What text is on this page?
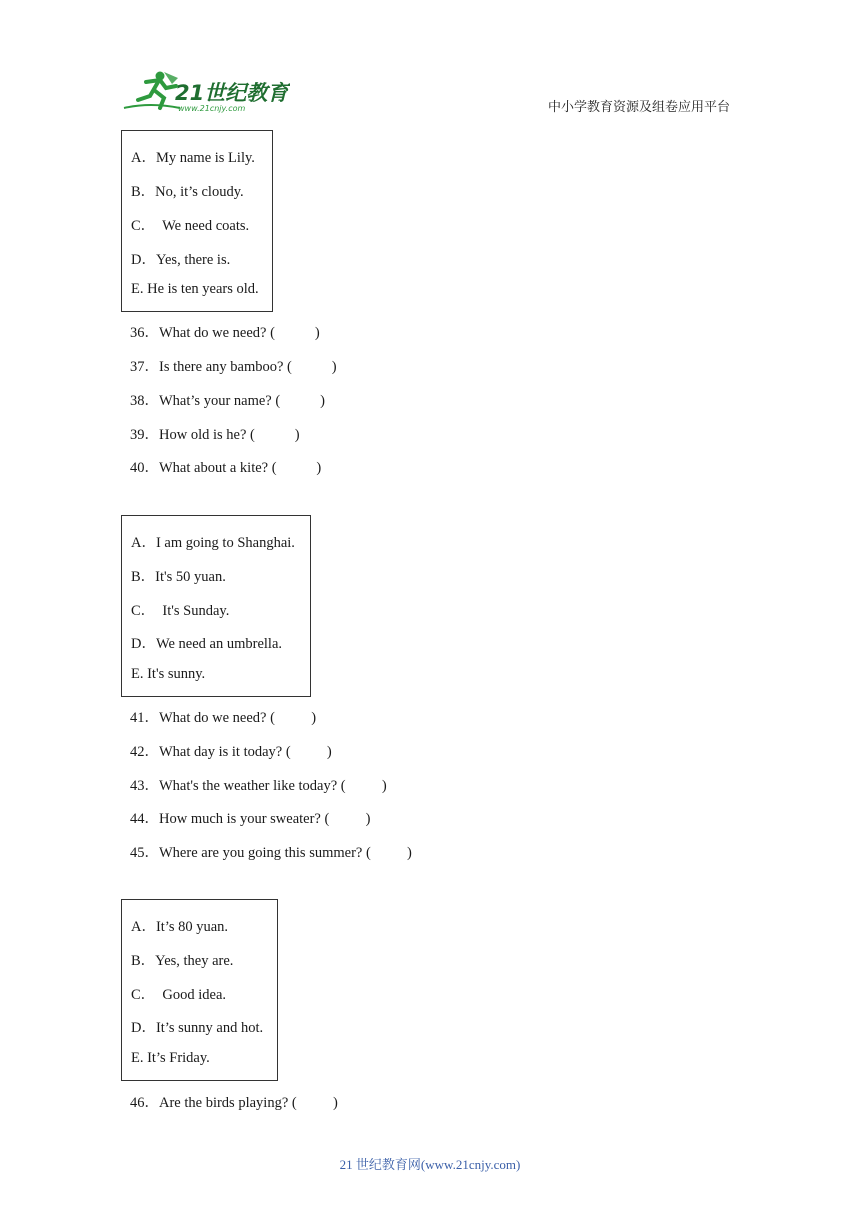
21世纪教育
www.21cnjy.com	中小学教育资源及组卷应用平台
A．My name is Lily.
B．No, it’s cloudy.
C．  We need coats.
D．Yes, there is.
E. He is ten years old.
36．What do we need? (           )
37．Is there any bamboo? (           )
38．What’s your name? (           )
39．How old is he? (           )
40．What about a kite? (           )
A．I am going to Shanghai.
B．It's 50 yuan.
C．  It's Sunday.
D．We need an umbrella.
E. It's sunny.
41．What do we need? (          )
42．What day is it today? (          )
43．What's the weather like today? (          )
44．How much is your sweater? (          )
45．Where are you going this summer? (          )
A．It’s 80 yuan.
B．Yes, they are.
C．  Good idea.
D．It’s sunny and hot.
E. It’s Friday.
46．Are the birds playing? (          )
21 世纪教育网(www.21cnjy.com)
